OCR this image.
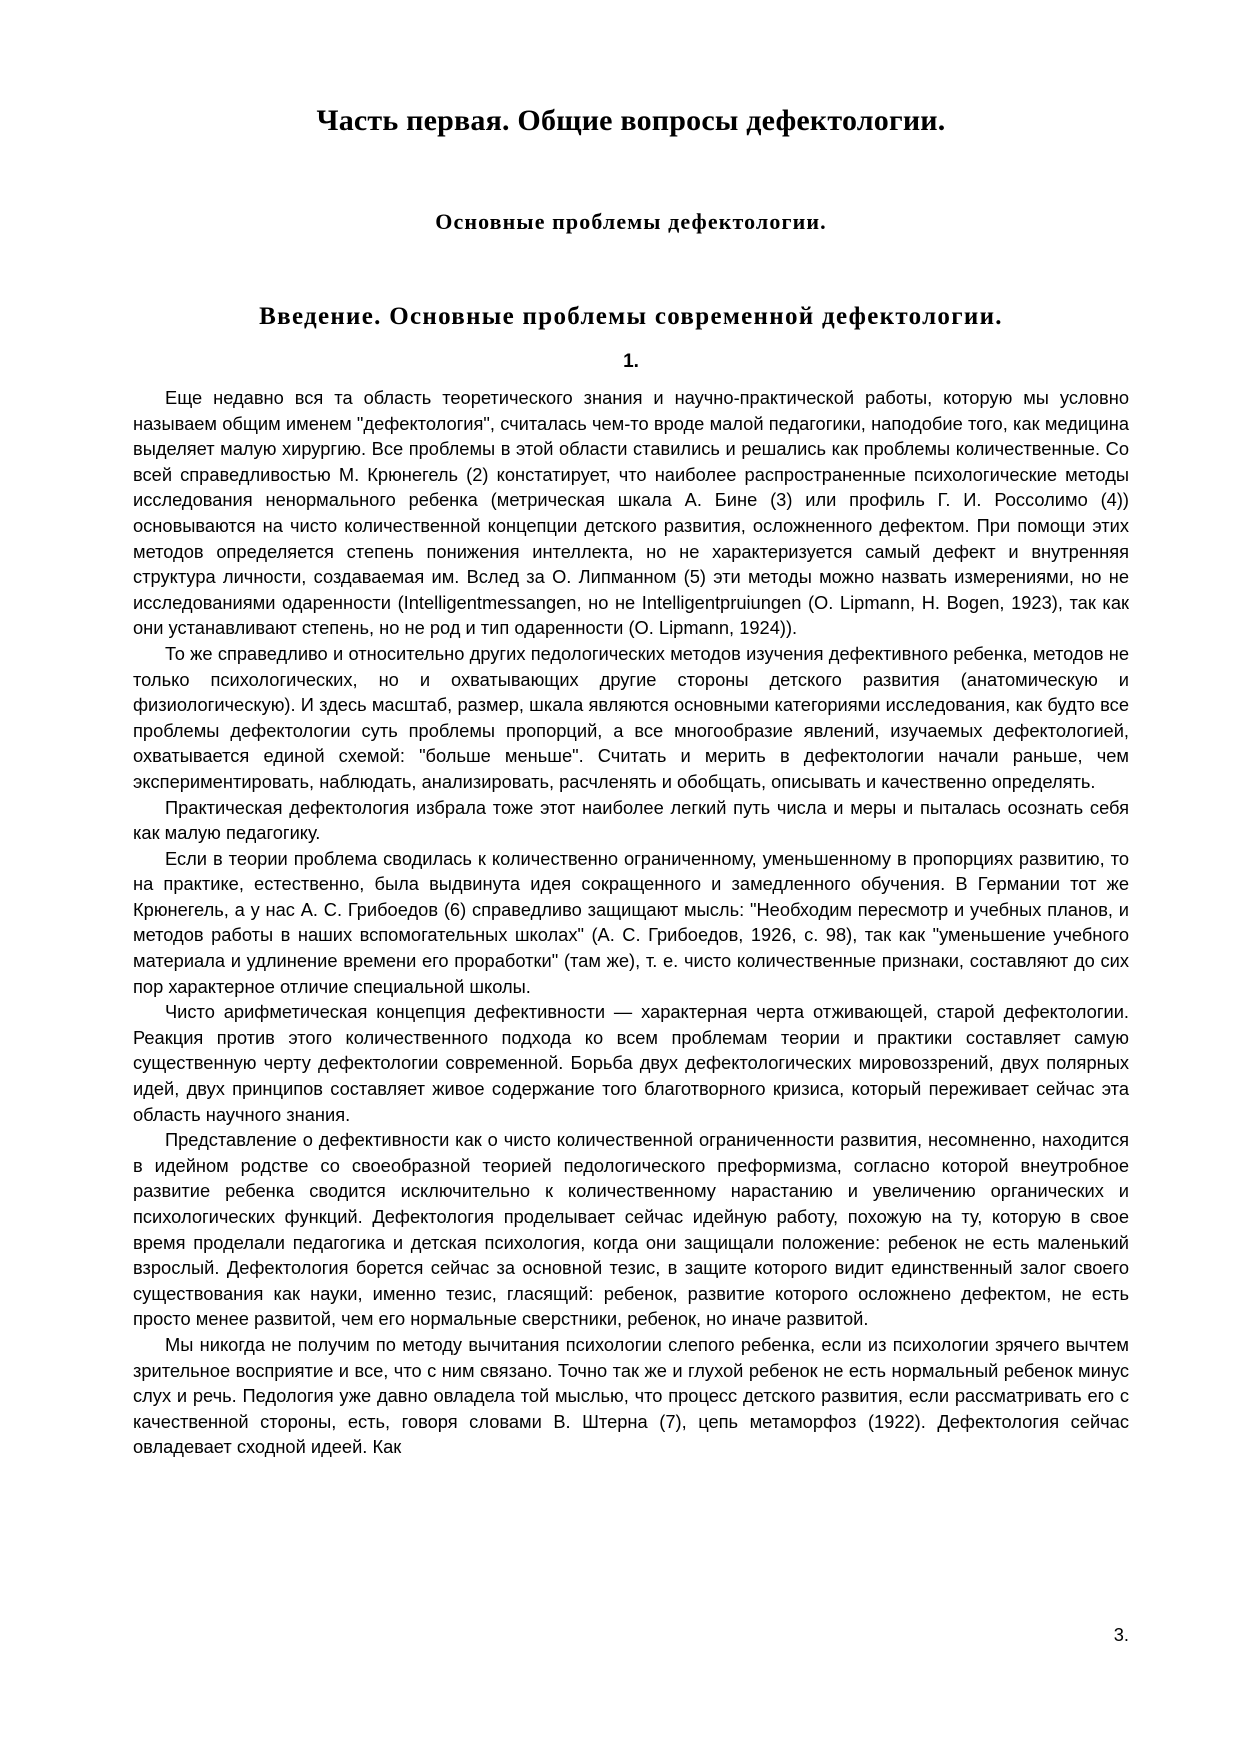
Часть первая. Общие вопросы дефектологии.
Основные проблемы дефектологии.
Введение. Основные проблемы современной дефектологии.
1.

Еще недавно вся та область теоретического знания и научно-практической работы, которую мы условно называем общим именем "дефектология", считалась чем-то вроде малой педагогики, наподобие того, как медицина выделяет малую хирургию. Все проблемы в этой области ставились и решались как проблемы количественные. Со всей справедливостью М. Крюнегель (2) констатирует, что наиболее распространенные психологические методы исследования ненормального ребенка (метрическая шкала А. Бине (3) или профиль Г. И. Россолимо (4)) основываются на чисто количественной концепции детского развития, осложненного дефектом. При помощи этих методов определяется степень понижения интеллекта, но не характеризуется самый дефект и внутренняя структура личности, создаваемая им. Вслед за О. Липманном (5) эти методы можно назвать измерениями, но не исследованиями одаренности (Intelligentmessangen, но не Intelligentpruiungen (O. Lipmann, H. Bogen, 1923), так как они устанавливают степень, но не род и тип одаренности (O. Lipmann, 1924)).

То же справедливо и относительно других педологических методов изучения дефективного ребенка, методов не только психологических, но и охватывающих другие стороны детского развития (анатомическую и физиологическую). И здесь масштаб, размер, шкала являются основными категориями исследования, как будто все проблемы дефектологии суть проблемы пропорций, а все многообразие явлений, изучаемых дефектологией, охватывается единой схемой: "больше меньше". Считать и мерить в дефектологии начали раньше, чем экспериментировать, наблюдать, анализировать, расчленять и обобщать, описывать и качественно определять.

Практическая дефектология избрала тоже этот наиболее легкий путь числа и меры и пыталась осознать себя как малую педагогику.

Если в теории проблема сводилась к количественно ограниченному, уменьшенному в пропорциях развитию, то на практике, естественно, была выдвинута идея сокращенного и замедленного обучения. В Германии тот же Крюнегель, а у нас А. С. Грибоедов (6) справедливо защищают мысль: "Необходим пересмотр и учебных планов, и методов работы в наших вспомогательных школах" (А. С. Грибоедов, 1926, с. 98), так как "уменьшение учебного материала и удлинение времени его проработки" (там же), т. е. чисто количественные признаки, составляют до сих пор характерное отличие специальной школы.

Чисто арифметическая концепция дефективности — характерная черта отживающей, старой дефектологии. Реакция против этого количественного подхода ко всем проблемам теории и практики составляет самую существенную черту дефектологии современной. Борьба двух дефектологических мировоззрений, двух полярных идей, двух принципов составляет живое содержание того благотворного кризиса, который переживает сейчас эта область научного знания.

Представление о дефективности как о чисто количественной ограниченности развития, несомненно, находится в идейном родстве со своеобразной теорией педологического преформизма, согласно которой внеутробное развитие ребенка сводится исключительно к количественному нарастанию и увеличению органических и психологических функций. Дефектология проделывает сейчас идейную работу, похожую на ту, которую в свое время проделали педагогика и детская психология, когда они защищали положение: ребенок не есть маленький взрослый. Дефектология борется сейчас за основной тезис, в защите которого видит единственный залог своего существования как науки, именно тезис, гласящий: ребенок, развитие которого осложнено дефектом, не есть просто менее развитой, чем его нормальные сверстники, ребенок, но иначе развитой.

Мы никогда не получим по методу вычитания психологии слепого ребенка, если из психологии зрячего вычтем зрительное восприятие и все, что с ним связано. Точно так же и глухой ребенок не есть нормальный ребенок минус слух и речь. Педология уже давно овладела той мыслью, что процесс детского развития, если рассматривать его с качественной стороны, есть, говоря словами В. Штерна (7), цепь метаморфоз (1922). Дефектология сейчас овладевает сходной идеей. Как

3.
